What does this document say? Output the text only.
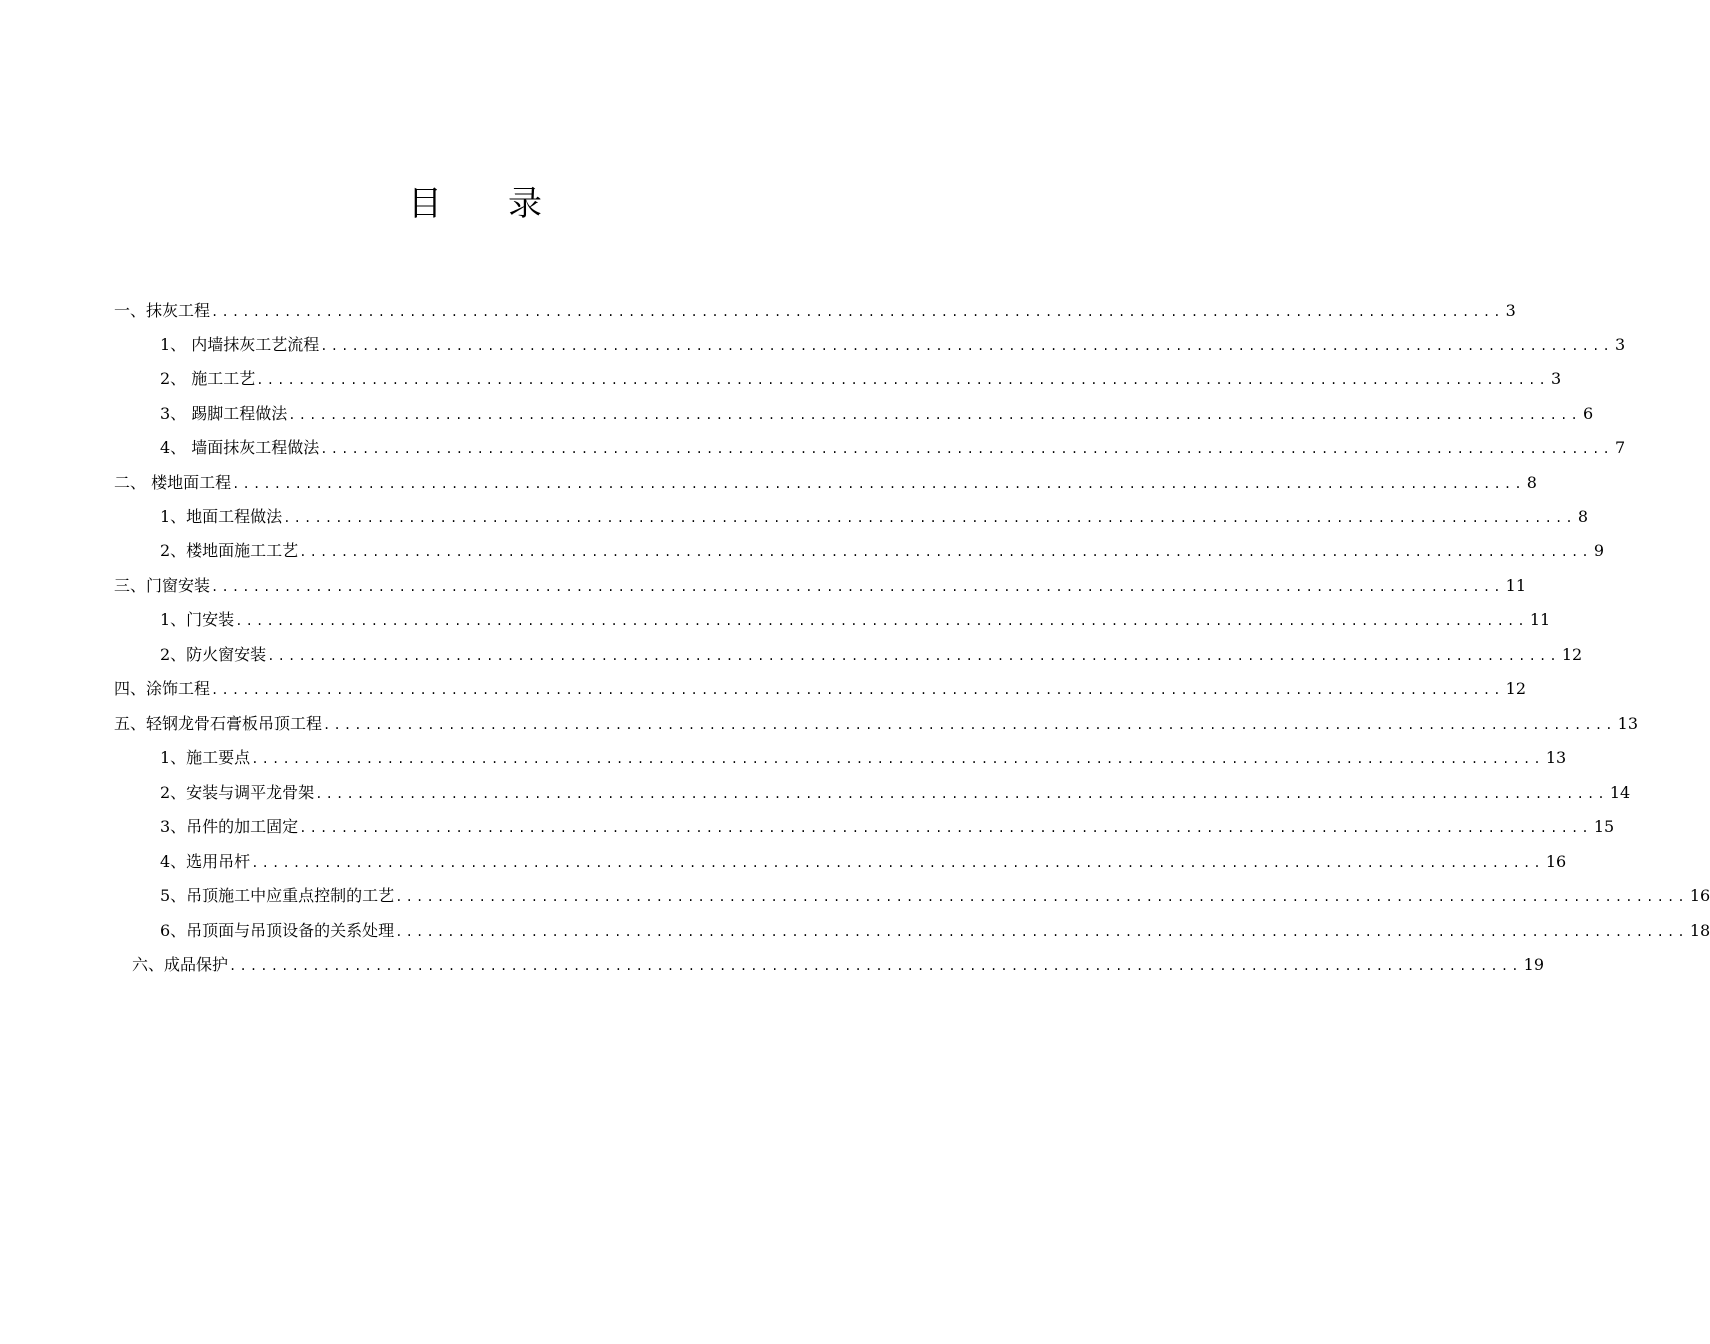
目 录
一、抹灰工程 ............................................................................................................................ 3
1、 内墙抹灰工艺流程 ............................................................................................................................ 3
2、 施工工艺 ............................................................................................................................ 3
3、 踢脚工程做法 ............................................................................................................................ 6
4、 墙面抹灰工程做法 ............................................................................................................................ 7
二、 楼地面工程 ............................................................................................................................ 8
1、地面工程做法 ............................................................................................................................ 8
2、楼地面施工工艺 ............................................................................................................................ 9
三、门窗安装 ............................................................................................................................ 11
1、门安装 ............................................................................................................................ 11
2、防火窗安装 ............................................................................................................................ 12
四、涂饰工程 ............................................................................................................................ 12
五、轻钢龙骨石膏板吊顶工程 ............................................................................................................................ 13
1、施工要点 ............................................................................................................................ 13
2、安装与调平龙骨架 ............................................................................................................................ 14
3、吊件的加工固定 ............................................................................................................................ 15
4、选用吊杆 ............................................................................................................................ 16
5、吊顶施工中应重点控制的工艺 ............................................................................................................................ 16
6、吊顶面与吊顶设备的关系处理 ............................................................................................................................ 18
六、成品保护 ............................................................................................................................ 19
